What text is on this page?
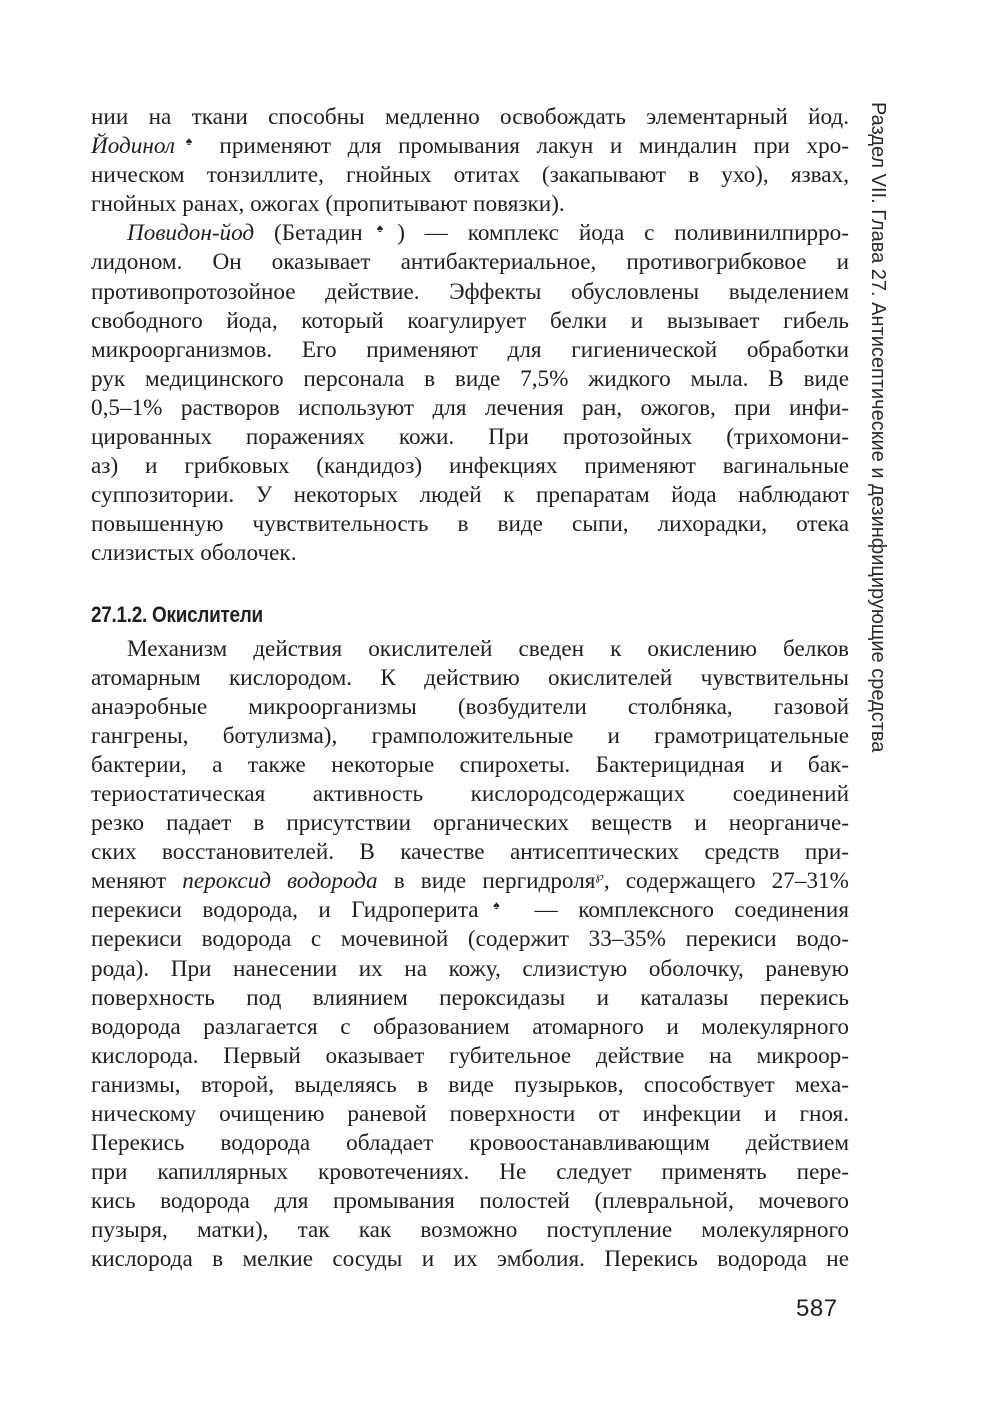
Раздел VII. Глава 27. Антисептические и дезинфицирующие средства

нии на ткани способны медленно освобождать элементарный йод.
Йодинол♠ применяют для промывания лакун и миндалин при хро-
ническом тонзиллите, гнойных отитах (закапывают в ухо), язвах,
гнойных ранах, ожогах (пропитывают повязки).

Повидон-йод (Бетадин♠) — комплекс йода с поливинилпирро-
лидоном. Он оказывает антибактериальное, противогрибковое и
противопротозойное действие. Эффекты обусловлены выделением
свободного йода, который коагулирует белки и вызывает гибель
микроорганизмов. Его применяют для гигиенической обработки
рук медицинского персонала в виде 7,5% жидкого мыла. В виде
0,5–1% растворов используют для лечения ран, ожогов, при инфи-
цированных поражениях кожи. При протозойных (трихомони-
аз) и грибковых (кандидоз) инфекциях применяют вагинальные
суппозитории. У некоторых людей к препаратам йода наблюдают
повышенную чувствительность в виде сыпи, лихорадки, отека
слизистых оболочек.

27.1.2. Окислители

Механизм действия окислителей сведен к окислению белков
атомарным кислородом. К действию окислителей чувствительны
анаэробные микроорганизмы (возбудители столбняка, газовой
гангрены, ботулизма), грамположительные и грамотрицательные
бактерии, а также некоторые спирохеты. Бактерицидная и бак-
териостатическая активность кислородсодержащих соединений
резко падает в присутствии органических веществ и неорганиче-
ских восстановителей. В качестве антисептических средств при-
меняют пероксид водорода в виде пергидроля℘, содержащего 27–31%
перекиси водорода, и Гидроперита♠ — комплексного соединения
перекиси водорода с мочевиной (содержит 33–35% перекиси водо-
рода). При нанесении их на кожу, слизистую оболочку, раневую
поверхность под влиянием пероксидазы и каталазы перекись
водорода разлагается с образованием атомарного и молекулярного
кислорода. Первый оказывает губительное действие на микроор-
ганизмы, второй, выделяясь в виде пузырьков, способствует меха-
ническому очищению раневой поверхности от инфекции и гноя.
Перекись водорода обладает кровоостанавливающим действием
при капиллярных кровотечениях. Не следует применять пере-
кись водорода для промывания полостей (плевральной, мочевого
пузыря, матки), так как возможно поступление молекулярного
кислорода в мелкие сосуды и их эмболия. Перекись водорода не

587
